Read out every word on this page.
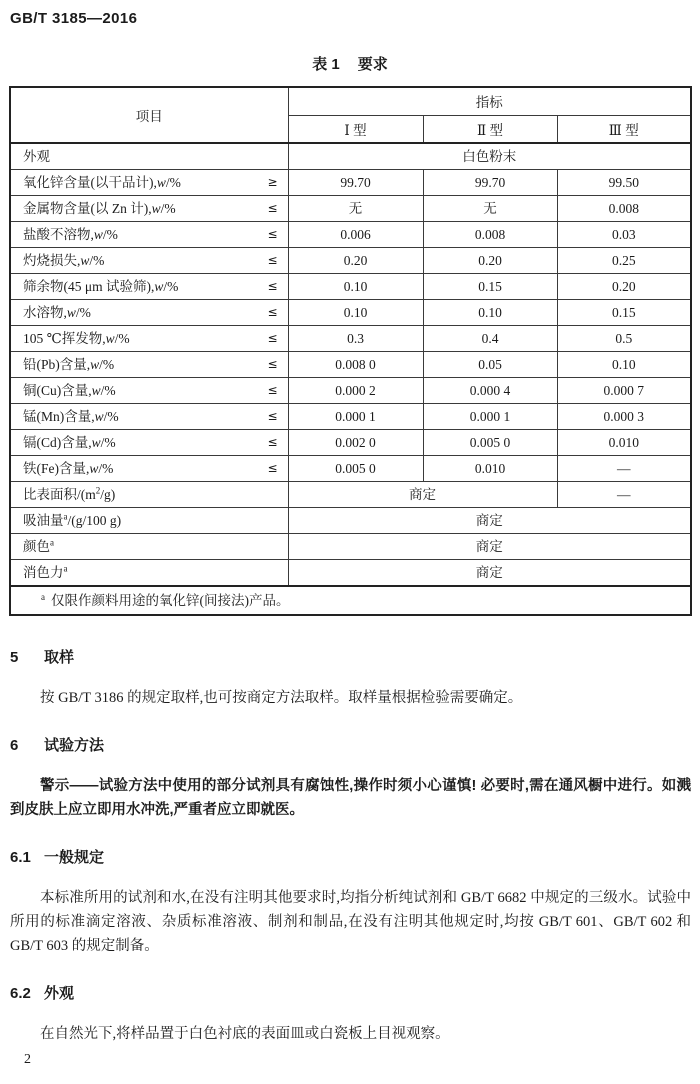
GB/T 3185—2016
表 1 要求
项目	指标		
	Ⅰ 型	Ⅱ 型	Ⅲ 型

外观	白色粉末		

氧化锌含量(以干品计),w/% ≥	99.70	99.70	99.50

金属物含量(以 Zn 计),w/% ≤	无	无	0.008

盐酸不溶物,w/% ≤	0.006	0.008	0.03

灼烧损失,w/% ≤	0.20	0.20	0.25

筛余物(45 μm 试验筛),w/% ≤	0.10	0.15	0.20

水溶物,w/% ≤	0.10	0.10	0.15

105 ℃挥发物,w/% ≤	0.3	0.4	0.5

铅(Pb)含量,w/% ≤	0.008 0	0.05	0.10

铜(Cu)含量,w/% ≤	0.000 2	0.000 4	0.000 7

锰(Mn)含量,w/% ≤	0.000 1	0.000 1	0.000 3

镉(Cd)含量,w/% ≤	0.002 0	0.005 0	0.010

铁(Fe)含量,w/% ≤	0.005 0	0.010	—

比表面积$/(m^2/g)$	商定		—

吸油量$^a$/(g/100 g)	商定		

颜色$^a$	商定		

消色力$^a$	商定		
$^a$ 仅限作颜料用途的氧化锌(间接法)产品。			
5 取样

按 GB/T 3186 的规定取样,也可按商定方法取样。取样量根据检验需要确定。

6 试验方法

警示——试验方法中使用的部分试剂具有腐蚀性,操作时须小心谨慎! 必要时,需在通风橱中进行。如溅到皮肤上应立即用水冲洗,严重者应立即就医。

6.1 一般规定

本标准所用的试剂和水,在没有注明其他要求时,均指分析纯试剂和 GB/T 6682 中规定的三级水。试验中所用的标准滴定溶液、杂质标准溶液、制剂和制品,在没有注明其他规定时,均按 GB/T 601、GB/T 602 和 GB/T 603 的规定制备。

6.2 外观

在自然光下,将样品置于白色衬底的表面皿或白瓷板上目视观察。

2
